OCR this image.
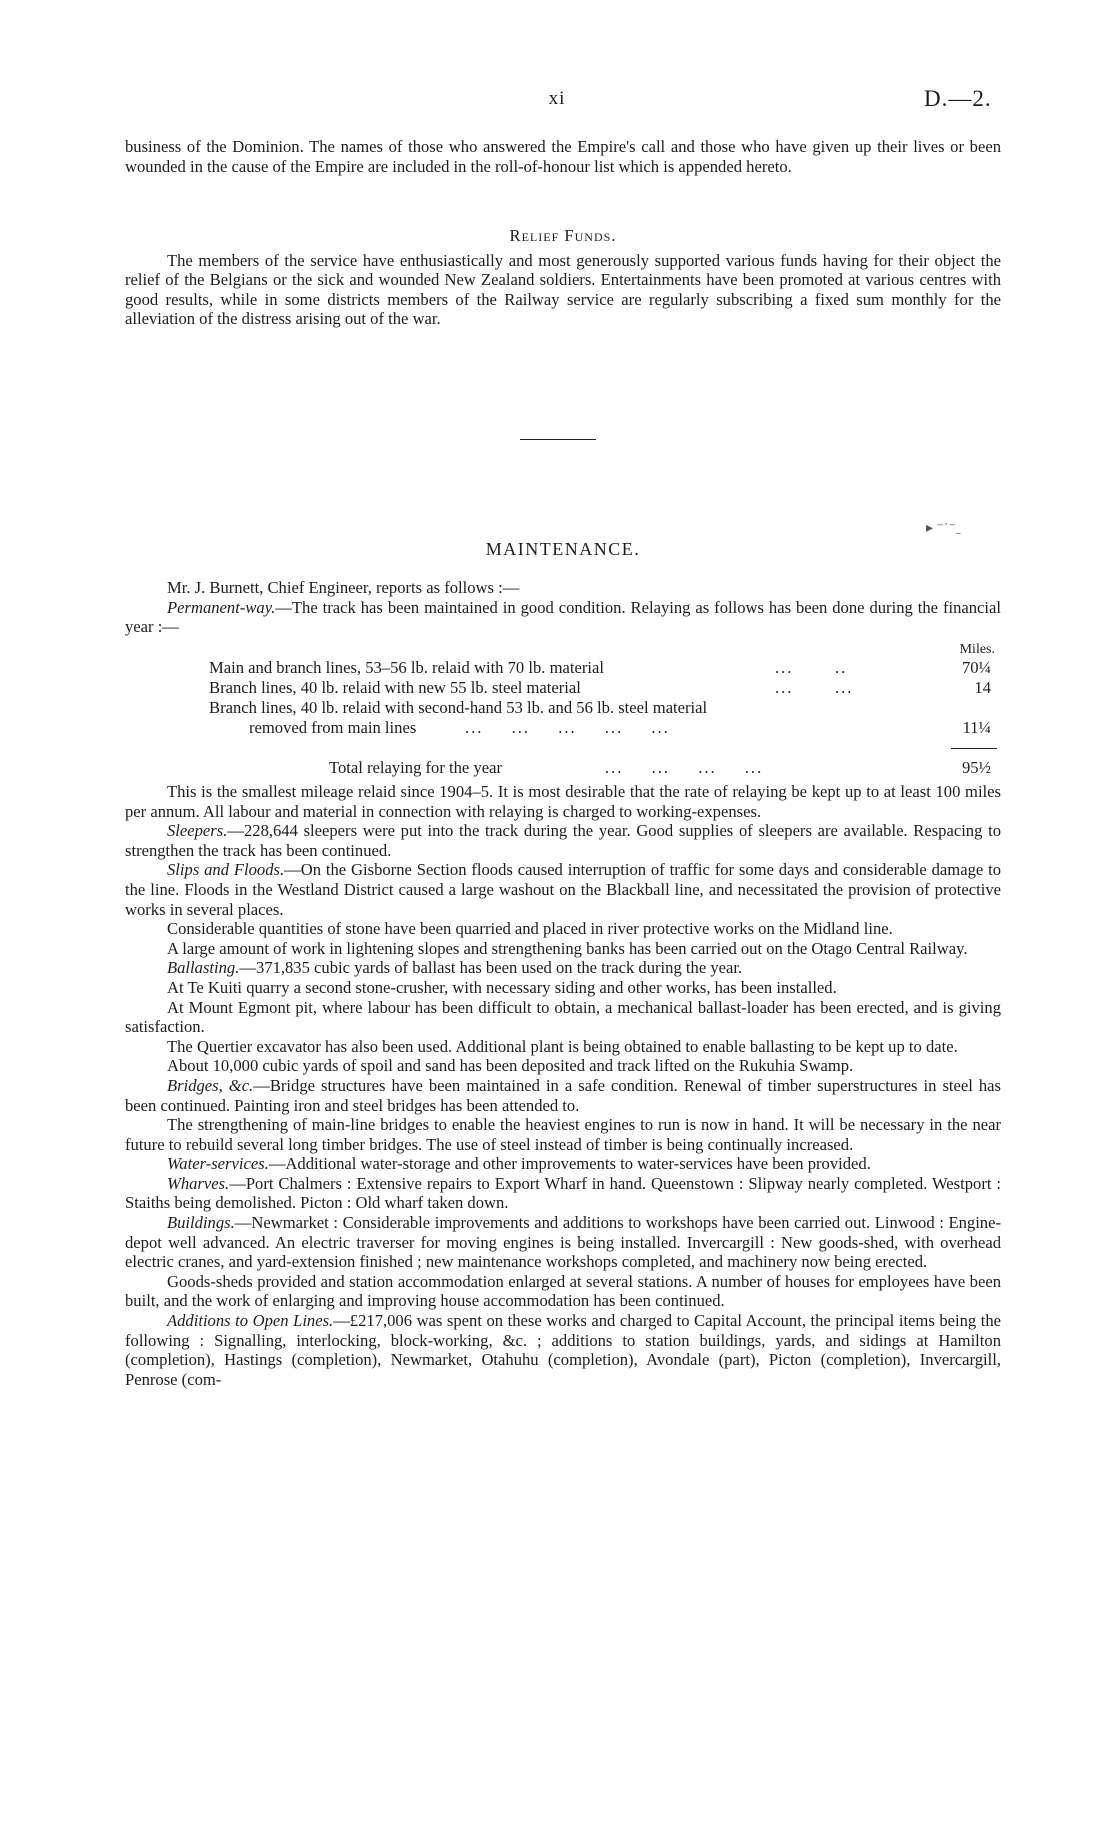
xi	D.—2.

business of the Dominion. The names of those who answered the Empire's call and those who have given up their lives or been wounded in the cause of the Empire are included in the roll-of-honour list which is appended hereto.

Relief Funds.

The members of the service have enthusiastically and most generously supported various funds having for their object the relief of the Belgians or the sick and wounded New Zealand soldiers. Entertainments have been promoted at various centres with good results, while in some districts members of the Railway service are regularly subscribing a fixed sum monthly for the alleviation of the distress arising out of the war.

▸ ⁻˙⁻ˍ

MAINTENANCE.

Mr. J. Burnett, Chief Engineer, reports as follows :—

Permanent-way.—The track has been maintained in good condition. Relaying as follows has been done during the financial year :—

Miles.
Main and branch lines, 53–56 lb. relaid with 70 lb. material	...	..	70¼
Branch lines, 40 lb. relaid with new 55 lb. steel material	...	...	14
Branch lines, 40 lb. relaid with second-hand 53 lb. and 56 lb. steel material
removed from main lines	... ... ... ... ...	11¼
Total relaying for the year	... ... ... ...	95½

This is the smallest mileage relaid since 1904–5. It is most desirable that the rate of relaying be kept up to at least 100 miles per annum. All labour and material in connection with relaying is charged to working-expenses.

Sleepers.—228,644 sleepers were put into the track during the year. Good supplies of sleepers are available. Respacing to strengthen the track has been continued.

Slips and Floods.—On the Gisborne Section floods caused interruption of traffic for some days and considerable damage to the line. Floods in the Westland District caused a large washout on the Blackball line, and necessitated the provision of protective works in several places.

Considerable quantities of stone have been quarried and placed in river protective works on the Midland line.

A large amount of work in lightening slopes and strengthening banks has been carried out on the Otago Central Railway.

Ballasting.—371,835 cubic yards of ballast has been used on the track during the year.

At Te Kuiti quarry a second stone-crusher, with necessary siding and other works, has been installed.

At Mount Egmont pit, where labour has been difficult to obtain, a mechanical ballast-loader has been erected, and is giving satisfaction.

The Quertier excavator has also been used. Additional plant is being obtained to enable ballasting to be kept up to date.

About 10,000 cubic yards of spoil and sand has been deposited and track lifted on the Rukuhia Swamp.

Bridges, &c.—Bridge structures have been maintained in a safe condition. Renewal of timber superstructures in steel has been continued. Painting iron and steel bridges has been attended to.

The strengthening of main-line bridges to enable the heaviest engines to run is now in hand. It will be necessary in the near future to rebuild several long timber bridges. The use of steel instead of timber is being continually increased.

Water-services.—Additional water-storage and other improvements to water-services have been provided.

Wharves.—Port Chalmers : Extensive repairs to Export Wharf in hand. Queenstown : Slipway nearly completed. Westport : Staiths being demolished. Picton : Old wharf taken down.

Buildings.—Newmarket : Considerable improvements and additions to workshops have been carried out. Linwood : Engine-depot well advanced. An electric traverser for moving engines is being installed. Invercargill : New goods-shed, with overhead electric cranes, and yard-extension finished ; new maintenance workshops completed, and machinery now being erected.

Goods-sheds provided and station accommodation enlarged at several stations. A number of houses for employees have been built, and the work of enlarging and improving house accommodation has been continued.

Additions to Open Lines.—£217,006 was spent on these works and charged to Capital Account, the principal items being the following : Signalling, interlocking, block-working, &c. ; additions to station buildings, yards, and sidings at Hamilton (completion), Hastings (completion), Newmarket, Otahuhu (completion), Avondale (part), Picton (completion), Invercargill, Penrose (com-
